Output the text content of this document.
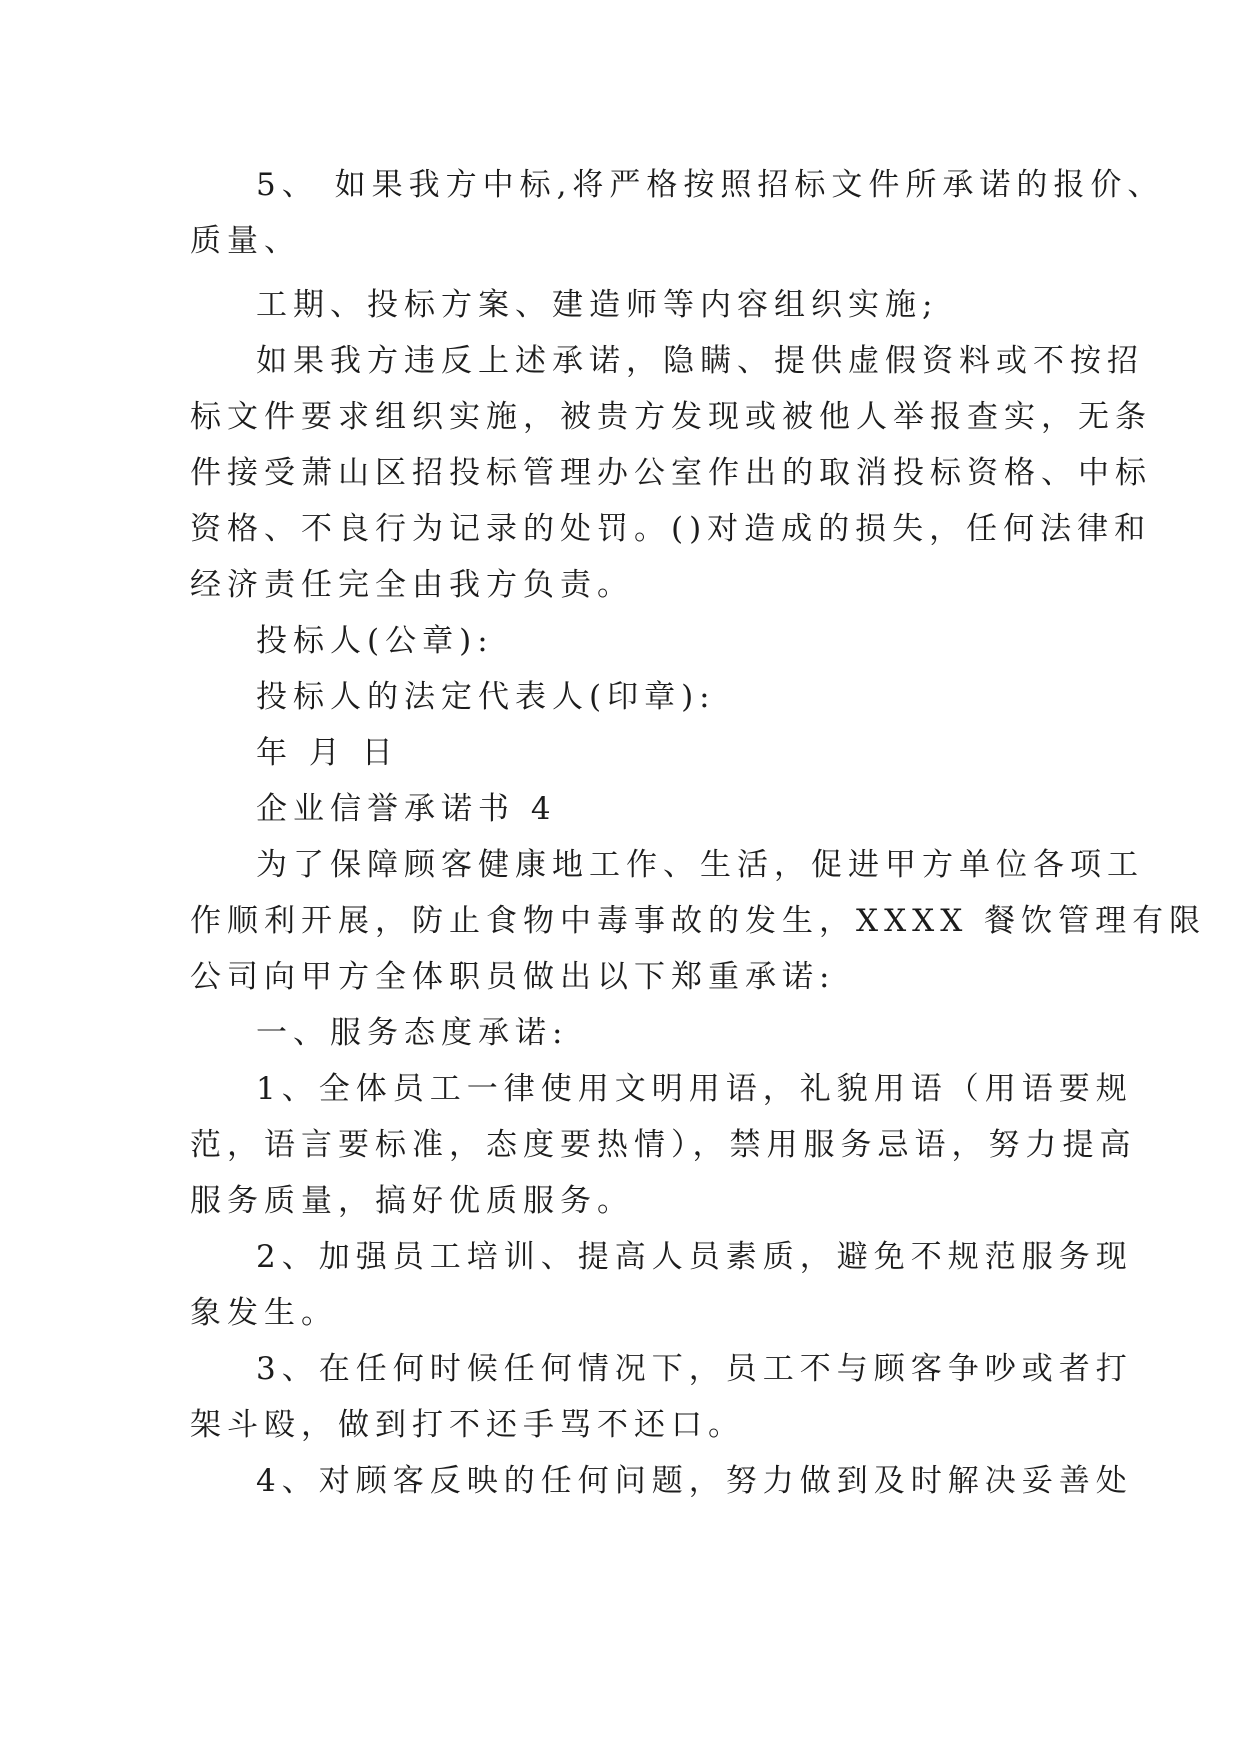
5、 如果我方中标,将严格按照招标文件所承诺的报价、

质量、

工期、投标方案、建造师等内容组织实施;

如果我方违反上述承诺，隐瞒、提供虚假资料或不按招

标文件要求组织实施，被贵方发现或被他人举报查实，无条

件接受萧山区招投标管理办公室作出的取消投标资格、中标

资格、不良行为记录的处罚。()对造成的损失，任何法律和

经济责任完全由我方负责。

投标人(公章):

投标人的法定代表人(印章):

年 月 日

企业信誉承诺书 4

为了保障顾客健康地工作、生活，促进甲方单位各项工

作顺利开展，防止食物中毒事故的发生，XXXX 餐饮管理有限

公司向甲方全体职员做出以下郑重承诺:

一、服务态度承诺:

1、全体员工一律使用文明用语，礼貌用语（用语要规

范，语言要标准，态度要热情），禁用服务忌语，努力提高

服务质量，搞好优质服务。

2、加强员工培训、提高人员素质，避免不规范服务现

象发生。

3、在任何时候任何情况下，员工不与顾客争吵或者打

架斗殴，做到打不还手骂不还口。

4、对顾客反映的任何问题，努力做到及时解决妥善处
